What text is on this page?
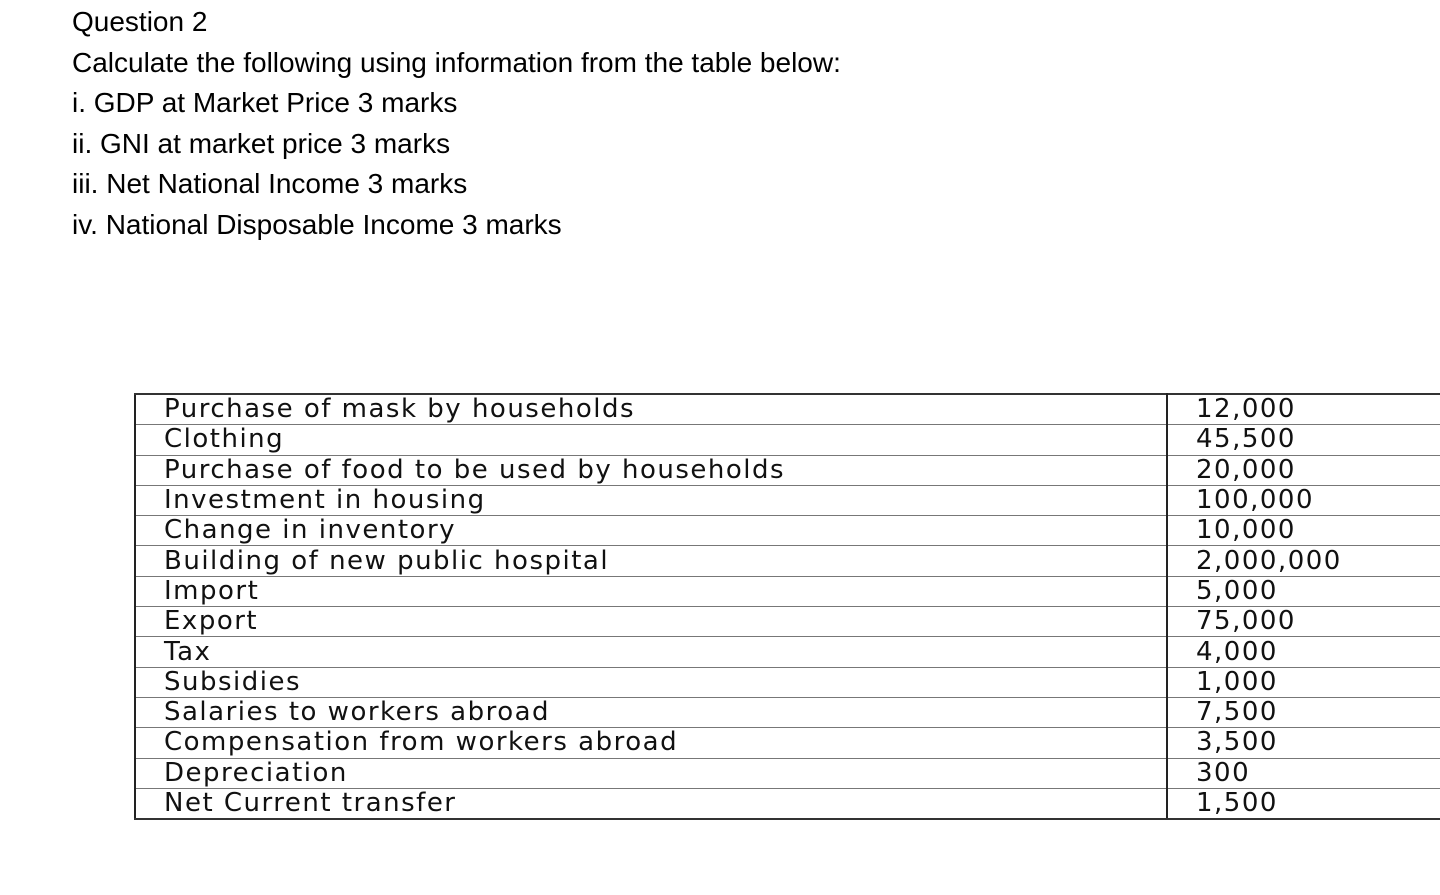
Question 2
Calculate the following using information from the table below:
i. GDP at Market Price 3 marks
ii. GNI at market price 3 marks
iii. Net National Income 3 marks
iv. National Disposable Income 3 marks
Purchase of mask by households	12,000
Clothing	45,500
Purchase of food to be used by households	20,000
Investment in housing	100,000
Change in inventory	10,000
Building of new public hospital	2,000,000
Import	5,000
Export	75,000
Tax	4,000
Subsidies	1,000
Salaries to workers abroad	7,500
Compensation from workers abroad	3,500
Depreciation	300
Net Current transfer	1,500
